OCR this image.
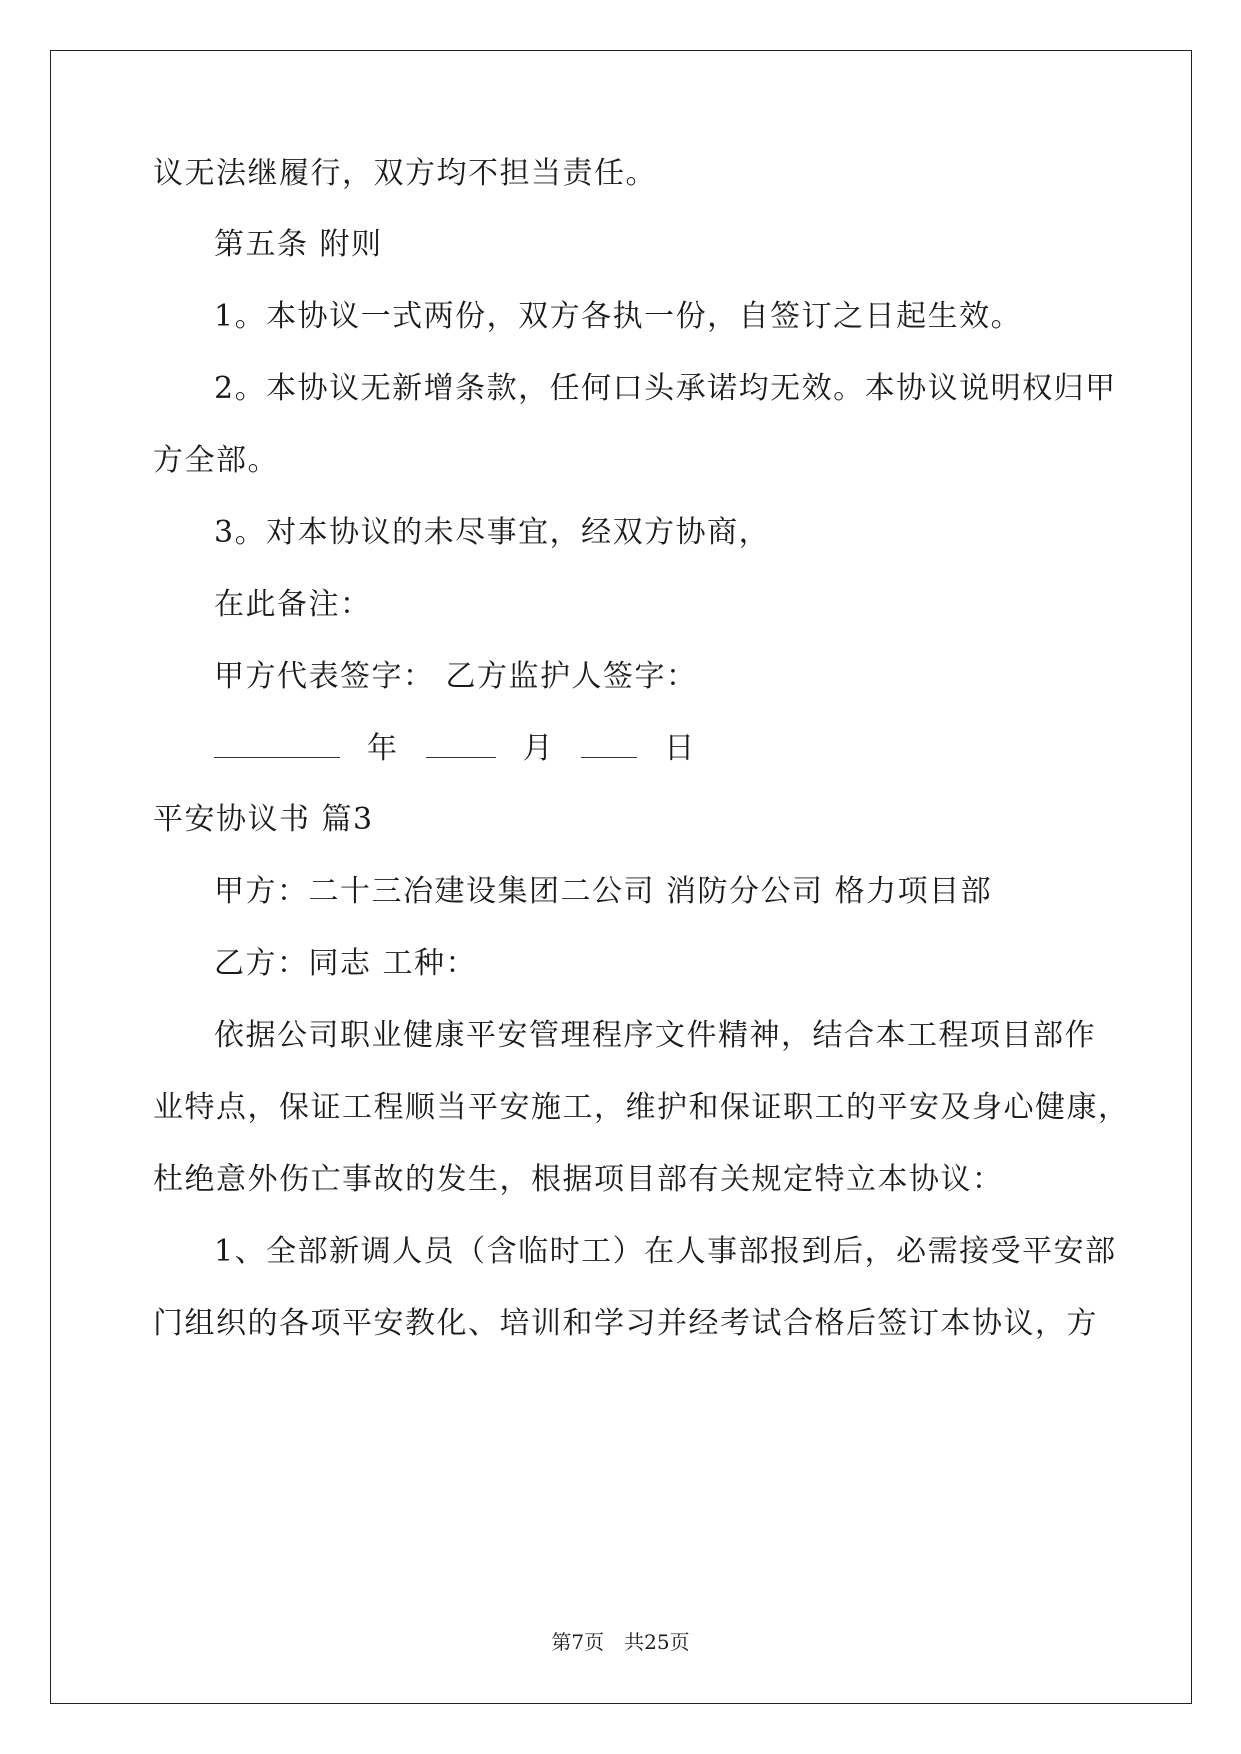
议无法继履行，双方均不担当责任。
第五条 附则
1。本协议一式两份，双方各执一份，自签订之日起生效。
2。本协议无新增条款，任何口头承诺均无效。本协议说明权归甲
方全部。
3。对本协议的未尽事宜，经双方协商，
在此备注：
甲方代表签字： 乙方监护人签字：
年	月	日
平安协议书 篇3
甲方：二十三冶建设集团二公司 消防分公司 格力项目部
乙方：同志 工种：
依据公司职业健康平安管理程序文件精神，结合本工程项目部作
业特点，保证工程顺当平安施工，维护和保证职工的平安及身心健康，
杜绝意外伤亡事故的发生，根据项目部有关规定特立本协议：
1、全部新调人员（含临时工）在人事部报到后，必需接受平安部
门组织的各项平安教化、培训和学习并经考试合格后签订本协议，方
第7页　共25页
